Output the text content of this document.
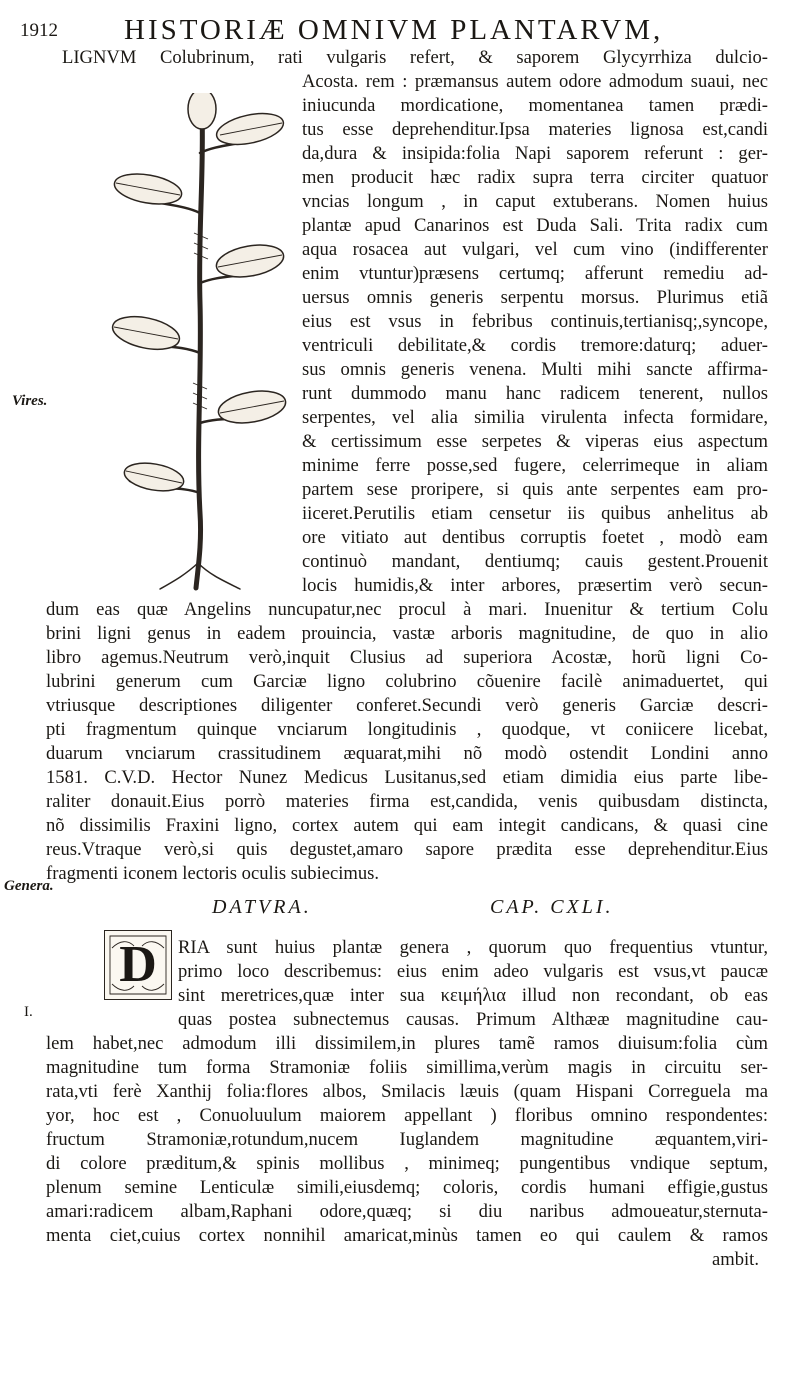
1912 HISTORIÆ OMNIVM PLANTARVM,
Vires.
Genera.
LIGNVM Colubrinum, rati vulgaris refert, & saporem Glycyrrhiza dulcio-
Acosta. rem : præmansus autem odore admodum suaui, nec
iniucunda mordicatione, momentanea tamen prædi-
tus esse deprehenditur.Ipsa materies lignosa est,candi
da,dura & insipida:folia Napi saporem referunt : ger-
men producit hæc radix supra terra circiter quatuor
vncias longum , in caput extuberans. Nomen huius
plantæ apud Canarinos est Duda Sali. Trita radix cum
aqua rosacea aut vulgari, vel cum vino (indifferenter
enim vtuntur)præsens certumq; afferunt remediu ad-
uersus omnis generis serpentu morsus. Plurimus etiã
eius est vsus in febribus continuis,tertianisq;,syncope,
ventriculi debilitate,& cordis tremore:daturq; aduer-
sus omnis generis venena. Multi mihi sancte affirma-
runt dummodo manu hanc radicem tenerent, nullos
serpentes, vel alia similia virulenta infecta formidare,
& certissimum esse serpetes & viperas eius aspectum
minime ferre posse,sed fugere, celerrimeque in aliam
partem sese proripere, si quis ante serpentes eam pro-
iiceret.Perutilis etiam censetur iis quibus anhelitus ab
ore vitiato aut dentibus corruptis foetet , modò eam
continuò mandant, dentiumq; cauis gestent.Prouenit
locis humidis,& inter arbores, præsertim verò secun-
dum eas quæ Angelins nuncupatur,nec procul à mari. Inuenitur & tertium Colu
brini ligni genus in eadem prouincia, vastæ arboris magnitudine, de quo in alio
libro agemus.Neutrum verò,inquit Clusius ad superiora Acostæ, horũ ligni Co-
lubrini generum cum Garciæ ligno colubrino cõuenire facilè animaduertet, qui
vtriusque descriptiones diligenter conferet.Secundi verò generis Garciæ descri-
pti fragmentum quinque vnciarum longitudinis , quodque, vt coniicere licebat,
duarum vnciarum crassitudinem æquarat,mihi nõ modò ostendit Londini anno
1581. C.V.D. Hector Nunez Medicus Lusitanus,sed etiam dimidia eius parte libe-
raliter donauit.Eius porrò materies firma est,candida, venis quibusdam distincta,
nõ dissimilis Fraxini ligno, cortex autem qui eam integit candicans, & quasi cine
reus.Vtraque verò,si quis degustet,amaro sapore prædita esse deprehenditur.Eius
fragmenti iconem lectoris oculis subiecimus.
DATVRA.	CAP. CXLI.
D
I.
RIA sunt huius plantæ genera , quorum quo frequentius vtuntur,
primo loco describemus: eius enim adeo vulgaris est vsus,vt paucæ
sint meretrices,quæ inter sua κειμήλια illud non recondant, ob eas
quas postea subnectemus causas. Primum Althææ magnitudine cau-
lem habet,nec admodum illi dissimilem,in plures tamẽ ramos diuisum:folia cùm
magnitudine tum forma Stramoniæ foliis simillima,verùm magis in circuitu ser-
rata,vti ferè Xanthij folia:flores albos, Smilacis læuis (quam Hispani Correguela ma
yor, hoc est , Conuoluulum maiorem appellant ) floribus omnino respondentes:
fructum Stramoniæ,rotundum,nucem Iuglandem magnitudine æquantem,viri-
di colore præditum,& spinis mollibus , minimeq; pungentibus vndique septum,
plenum semine Lenticulæ simili,eiusdemq; coloris, cordis humani effigie,gustus
amari:radicem albam,Raphani odore,quæq; si diu naribus admoueatur,sternuta-
menta ciet,cuius cortex nonnihil amaricat,minùs tamen eo qui caulem & ramos
ambit.
